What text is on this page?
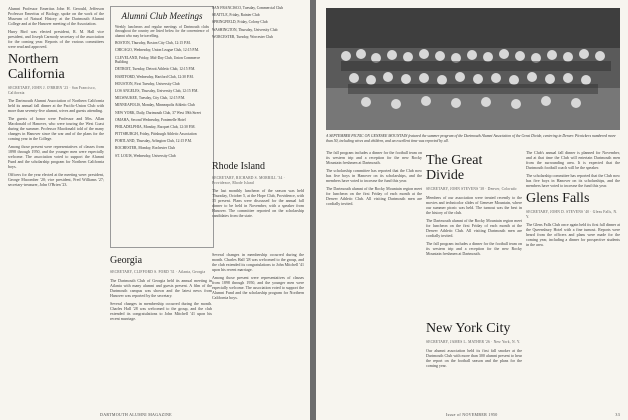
Alumni Professor Emeritus John H. Gerould, Jefferson Professor Emeritus of Biology, spoke on the work of the Museum of Natural History at the Dartmouth Alumni College and at the Hanover meeting of the Association.

Harry Bird was elected president, R. M. Hall vice president, and Joseph Carmody secretary of the association for the coming year. Reports of the various committees were read and approved.

Northern California
SECRETARY, JOHN J. O'BRIEN '23 · San Francisco, California

The Dartmouth Alumni Association of Northern California held its annual fall dinner at the Pacific-Union Club with more than seventy-five alumni, wives and guests attending.

The guests of honor were Professor and Mrs. Allan Macdonald of Hanover, who were touring the West Coast during the summer. Professor Macdonald told of the many changes in Hanover since the war and of the plans for the coming year in the College.

Among those present were representatives of classes from 1898 through 1950, and the younger men were especially welcome. The association voted to support the Alumni Fund and the scholarship program for Northern California boys.

Officers for the year elected at the meeting were: president, George Macomber '20; vice president, Fred Williams '27; secretary-treasurer, John O'Brien '23.

Alumni Club Meetings

Weekly luncheons and regular meetings of Dartmouth clubs throughout the country are listed below for the convenience of alumni who may be travelling.

BOSTON, Thursday, Boston City Club, 12:15 P.M.

CHICAGO, Wednesday, Union League Club, 12:15 P.M.

CLEVELAND, Friday, Mid-Day Club, Union Commerce Building

DETROIT, Tuesday, Detroit Athletic Club, 12:15 P.M.

HARTFORD, Wednesday, Hartford Club, 12:30 P.M.

HOUSTON, First Tuesday, University Club

LOS ANGELES, Thursday, University Club, 12:15 P.M.

MILWAUKEE, Tuesday, City Club, 12:15 P.M.

MINNEAPOLIS, Monday, Minneapolis Athletic Club

NEW YORK, Daily, Dartmouth Club, 37 West 39th Street

OMAHA, Second Wednesday, Fontenelle Hotel

PHILADELPHIA, Monday, Racquet Club, 12:30 P.M.

PITTSBURGH, Friday, Pittsburgh Athletic Association

PORTLAND, Thursday, Arlington Club, 12:15 P.M.

ROCHESTER, Monday, Rochester Club

ST. LOUIS, Wednesday, University Club

SAN FRANCISCO, Tuesday, Commercial Club

SEATTLE, Friday, Rainier Club

SPRINGFIELD, Friday, Colony Club

WASHINGTON, Thursday, University Club

WORCESTER, Tuesday, Worcester Club

Rhode Island
SECRETARY, RICHARD S. MORRILL '34 · Providence, Rhode Island

The last monthly luncheon of the season was held Thursday, October 5, at the Hope Club, Providence, with 35 present. Plans were discussed for the annual fall dinner to be held in November, with a speaker from Hanover. The committee reported on the scholarship candidates from the state.

Georgia
SECRETARY, CLIFFORD S. FORD '31 · Atlanta, Georgia

The Dartmouth Club of Georgia held its annual meeting in Atlanta with many alumni and guests present. A film of the Dartmouth campus was shown and the latest news from Hanover was reported by the secretary.

Several changes in membership occurred during the month. Charles Hall '28 was welcomed to the group, and the club extended its congratulations to John Mitchell '41 upon his recent marriage.

Several changes in membership occurred during the month. Charles Hall '28 was welcomed to the group, and the club extended its congratulations to John Mitchell '41 upon his recent marriage.

Among those present were representatives of classes from 1898 through 1950, and the younger men were especially welcome. The association voted to support the Alumni Fund and the scholarship program for Northern California boys.

DARTMOUTH ALUMNI MAGAZINE
A SEPTEMBER PICNIC ON GENESEE MOUNTAIN featured the summer program of the Dartmouth Alumni Association of the Great Divide, centering in Denver. Picnickers numbered more than 50, including wives and children, and an excellent time was reported by all.

The fall program includes a dinner for the football team on its western trip and a reception for the new Rocky Mountain freshmen at Dartmouth.

The scholarship committee has reported that the Club now has five boys in Hanover on its scholarships, and the members have voted to increase the fund this year.

The Dartmouth alumni of the Rocky Mountain region meet for luncheon on the first Friday of each month at the Denver Athletic Club. All visiting Dartmouth men are cordially invited.

The Great Divide
SECRETARY, JOHN STEVENS '38 · Denver, Colorado

Members of our association were treated recently to the movies and technicolor slides of Genesee Mountain, where our summer picnic was held. The turnout was the best in the history of the club.

The Dartmouth alumni of the Rocky Mountain region meet for luncheon on the first Friday of each month at the Denver Athletic Club. All visiting Dartmouth men are cordially invited.

The fall program includes a dinner for the football team on its western trip and a reception for the new Rocky Mountain freshmen at Dartmouth.

New York City
SECRETARY, JAMES L. MATHER '26 · New York, N. Y.

Our alumni association held its first fall smoker at the Dartmouth Club with more than 300 alumni present to hear the report on the football season and the plans for the coming year.

The Club's annual fall dinner is planned for November, and at that time the Club will entertain Dartmouth men from the surrounding area. It is expected that the Dartmouth football coach will be the speaker.

The scholarship committee has reported that the Club now has five boys in Hanover on its scholarships, and the members have voted to increase the fund this year.

Glens Falls
SECRETARY, JOHN D. STEVENS '40 · Glens Falls, N. Y.

The Glens Falls Club once again held its first fall dinner at the Queensbury Hotel with a fine turnout. Reports were heard from the officers and plans were made for the coming year, including a dinner for prospective students in the area.

Issue of NOVEMBER 1950	33
